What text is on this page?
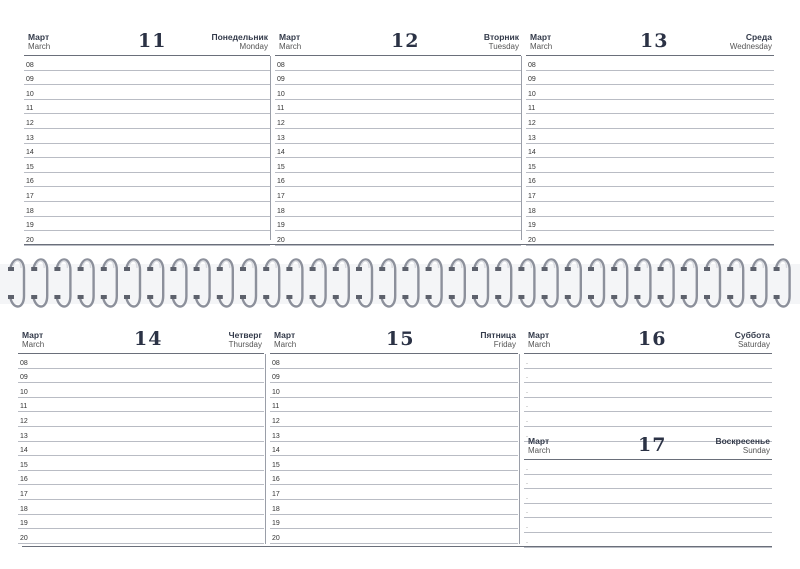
Март
March	11	Понедельник
Monday
08
09
10
11
12
13
14
15
16
17
18
19
20
Март
March	12	Вторник
Tuesday
08
09
10
11
12
13
14
15
16
17
18
19
20
Март
March	13	Среда
Wednesday
08
09
10
11
12
13
14
15
16
17
18
19
20
Март
March	14	Четверг
Thursday
08
09
10
11
12
13
14
15
16
17
18
19
20
Март
March	15	Пятница
Friday
08
09
10
11
12
13
14
15
16
17
18
19
20
Март
March	16	Суббота
Saturday
·
·
·
·
·
· Март
March	17	Воскресенье
Sunday
·
·
·
·
·
·
